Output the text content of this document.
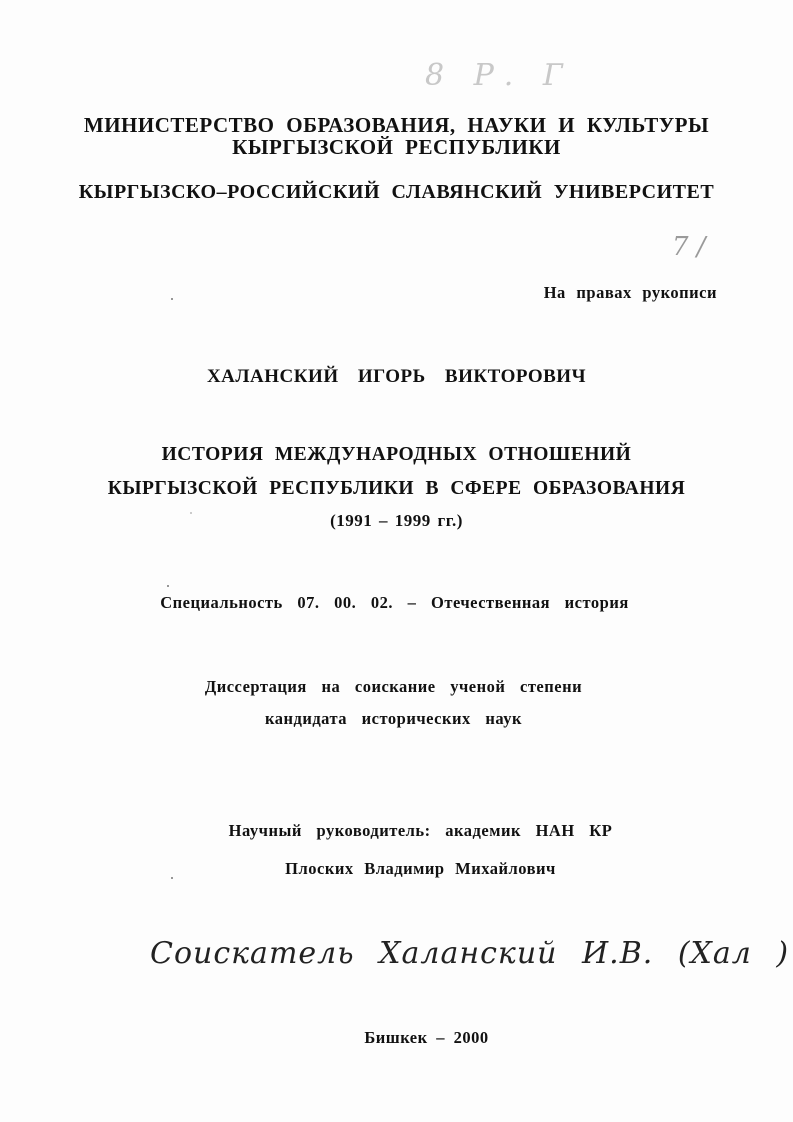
8 Р. Г
МИНИСТЕРСТВО ОБРАЗОВАНИЯ, НАУКИ И КУЛЬТУРЫ
КЫРГЫЗСКОЙ РЕСПУБЛИКИ
КЫРГЫЗСКО–РОССИЙСКИЙ СЛАВЯНСКИЙ УНИВЕРСИТЕТ
7 /
На правах рукописи
ХАЛАНСКИЙ ИГОРЬ ВИКТОРОВИЧ
ИСТОРИЯ МЕЖДУНАРОДНЫХ ОТНОШЕНИЙ
КЫРГЫЗСКОЙ РЕСПУБЛИКИ В СФЕРЕ ОБРАЗОВАНИЯ
(1991 – 1999 гг.)
Специальность 07. 00. 02. – Отечественная история
Диссертация на соискание ученой степени
кандидата исторических наук
Научный руководитель: академик НАН КР
Плоских Владимир Михайлович
Соискатель Халанский И.В. (Хал )
Бишкек – 2000
